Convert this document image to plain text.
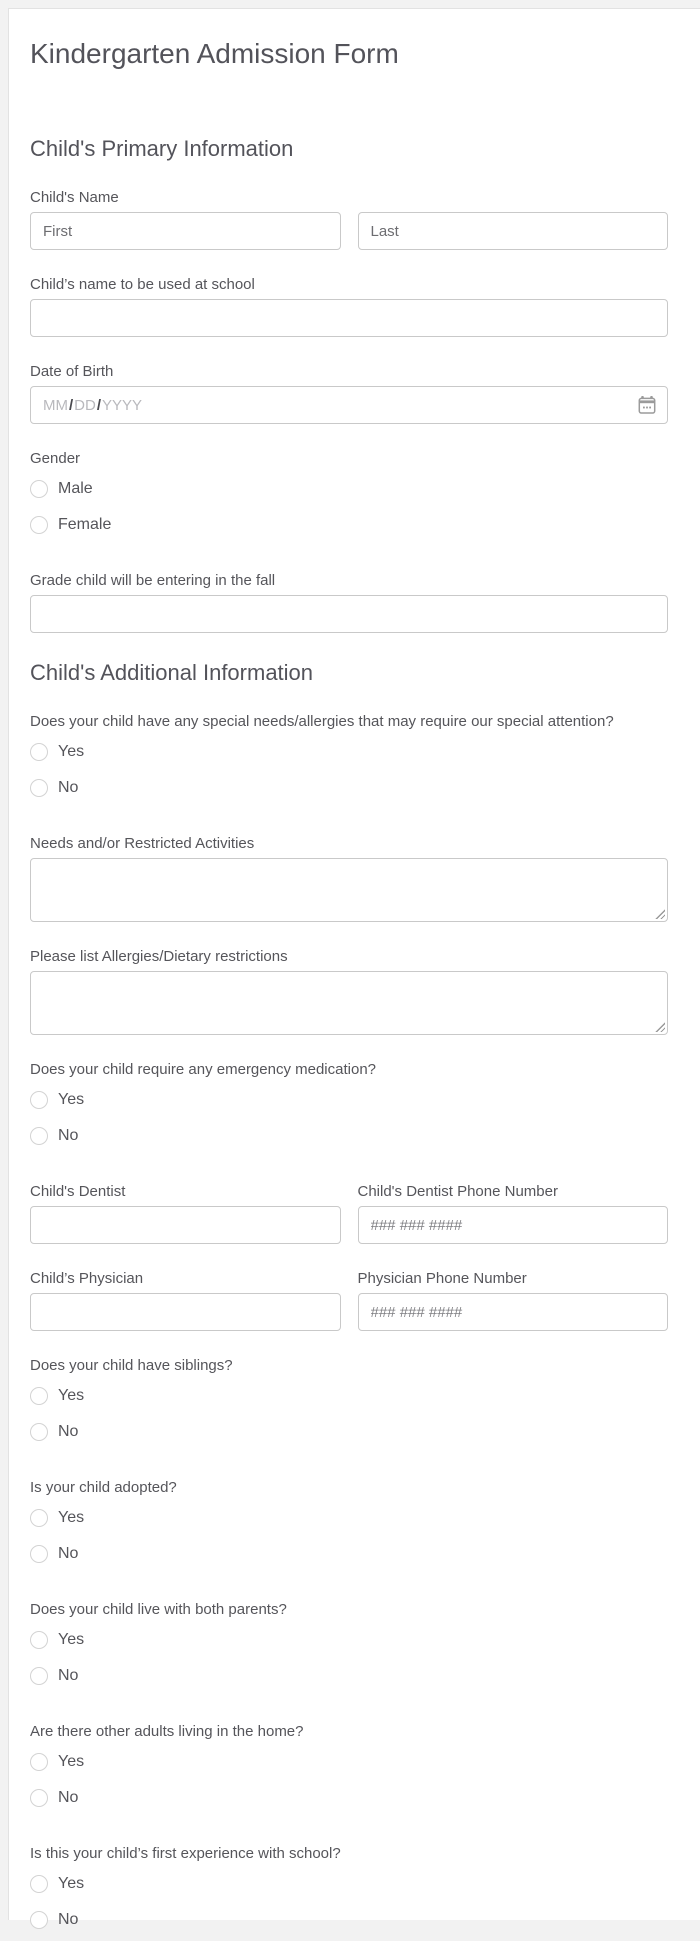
Kindergarten Admission Form
Child's Primary Information
Child's Name
First
Last
Child’s name to be used at school
Date of Birth
MM / DD / YYYY
Gender
Male
Female
Grade child will be entering in the fall
Child's Additional Information
Does your child have any special needs/allergies that may require our special attention?
Yes
No
Needs and/or Restricted Activities
Please list Allergies/Dietary restrictions
Does your child require any emergency medication?
Yes
No
Child's Dentist	Child's Dentist Phone Number
### ### ####
Child’s Physician	Physician Phone Number
### ### ####
Does your child have siblings?
Yes
No
Is your child adopted?
Yes
No
Does your child live with both parents?
Yes
No
Are there other adults living in the home?
Yes
No
Is this your child’s first experience with school?
Yes
No
